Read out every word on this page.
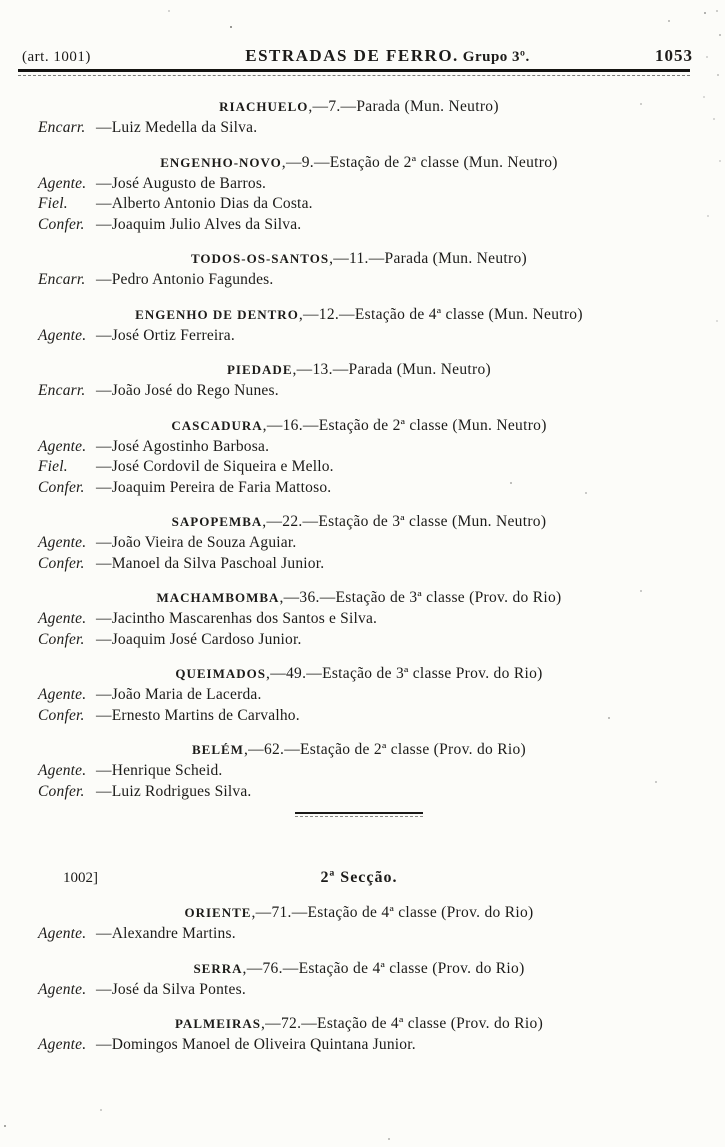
(art. 1001)	ESTRADAS DE FERRO. Grupo 3º.	1053
RIACHUELO,—7.—Parada (Mun. Neutro)
Encarr. —Luiz Medella da Silva.
ENGENHO-NOVO,—9.—Estação de 2ª classe (Mun. Neutro)
Agente. —José Augusto de Barros.
Fiel. —Alberto Antonio Dias da Costa.
Confer. —Joaquim Julio Alves da Silva.
TODOS-OS-SANTOS,—11.—Parada (Mun. Neutro)
Encarr. —Pedro Antonio Fagundes.
ENGENHO DE DENTRO,—12.—Estação de 4ª classe (Mun. Neutro)
Agente. —José Ortiz Ferreira.
PIEDADE,—13.—Parada (Mun. Neutro)
Encarr. —João José do Rego Nunes.
CASCADURA,—16.—Estação de 2ª classe (Mun. Neutro)
Agente. —José Agostinho Barbosa.
Fiel. —José Cordovil de Siqueira e Mello.
Confer. —Joaquim Pereira de Faria Mattoso.
SAPOPEMBA,—22.—Estação de 3ª classe (Mun. Neutro)
Agente. —João Vieira de Souza Aguiar.
Confer. —Manoel da Silva Paschoal Junior.
MACHAMBOMBA,—36.—Estação de 3ª classe (Prov. do Rio)
Agente. —Jacintho Mascarenhas dos Santos e Silva.
Confer. —Joaquim José Cardoso Junior.
QUEIMADOS,—49.—Estação de 3ª classe Prov. do Rio)
Agente. —João Maria de Lacerda.
Confer. —Ernesto Martins de Carvalho.
BELÉM,—62.—Estação de 2ª classe (Prov. do Rio)
Agente. —Henrique Scheid.
Confer. —Luiz Rodrigues Silva.
1002]	2ª Secção.
ORIENTE,—71.—Estação de 4ª classe (Prov. do Rio)
Agente. —Alexandre Martins.
SERRA,—76.—Estação de 4ª classe (Prov. do Rio)
Agente. —José da Silva Pontes.
PALMEIRAS,—72.—Estação de 4ª classe (Prov. do Rio)
Agente. —Domingos Manoel de Oliveira Quintana Junior.
